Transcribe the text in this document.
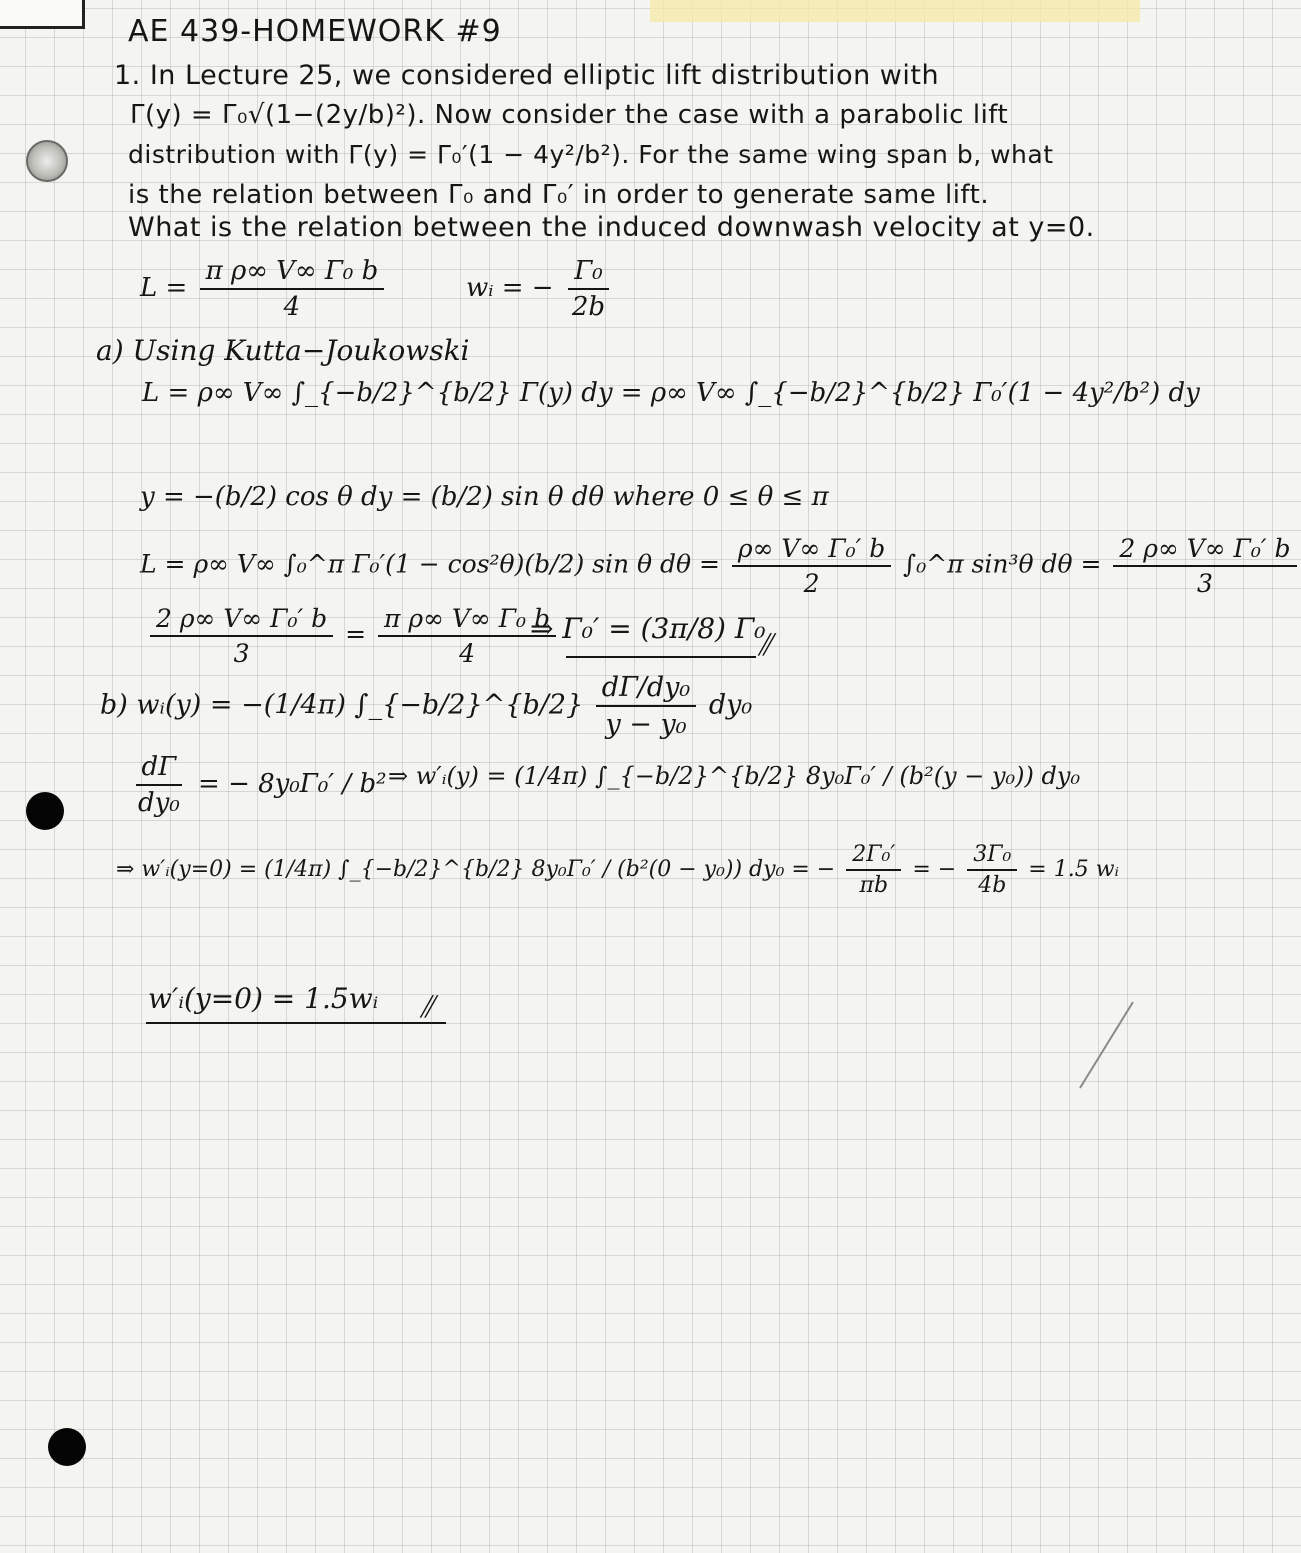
AE 439-HOMEWORK #9
1. In Lecture 25, we considered elliptic lift distribution with
Γ(y) = Γ₀√(1−(2y/b)²). Now consider the case with a parabolic lift
distribution with Γ(y) = Γ₀′(1 − 4y²/b²). For the same wing span b, what
is the relation between Γ₀ and Γ₀′ in order to generate same lift.
What is the relation between the induced downwash velocity at y=0.
$L = \frac{\text{π ρ∞ V∞ Γ₀ b}}{4}$	wᵢ = − $\frac{\text{Γ₀}}{2b}$
a) Using Kutta−Joukowski
L = ρ∞ V∞ ∫_{−b/2}^{b/2} Γ(y) dy = ρ∞ V∞ ∫_{−b/2}^{b/2} Γ₀′(1 − 4y²/b²) dy
y = −(b/2) cos θ dy = (b/2) sin θ dθ where 0 ≤ θ ≤ π
L = ρ∞ V∞ ∫₀^π Γ₀′(1 − cos²θ)(b/2) sin θ $d\theta = \frac{\text{ρ∞ V∞ Γ₀′ b}}{2}$ ∫₀^π sin³θ $d\theta = \frac{\text{2 ρ∞ V∞ Γ₀′ b}}{3}$
$\frac{\text{2 ρ∞ V∞ Γ₀′ b}}{3} = \frac{\text{π ρ∞ V∞ Γ₀ b}}{4}$
⇒ Γ₀′ = (3π/8) Γ₀
⫽
b) wᵢ(y) = −(1/4π) ∫_{−b/2}^{b/2} $\frac{\text{dΓ/dy₀}}{\text{y − y₀}} dy_0$
$\frac{d\Gamma}{\text{dy₀}}$ = − 8y₀Γ₀′ / b² ⇒ w′ᵢ(y) = (1/4π) ∫_{−b/2}^{b/2} 8y₀Γ₀′ / (b²(y − y₀)) dy₀
⇒ w′ᵢ(y=0) = (1/4π) ∫_{−b/2}^{b/2} 8y₀Γ₀′ / (b²(0 − y₀)) dy₀ = − $\frac{\text{2Γ₀′}}{\pi b}$ = − $\frac{\text{3Γ₀}}{4b} = 1.5$ wᵢ
w′ᵢ(y=0) = 1.5wᵢ ⫽
